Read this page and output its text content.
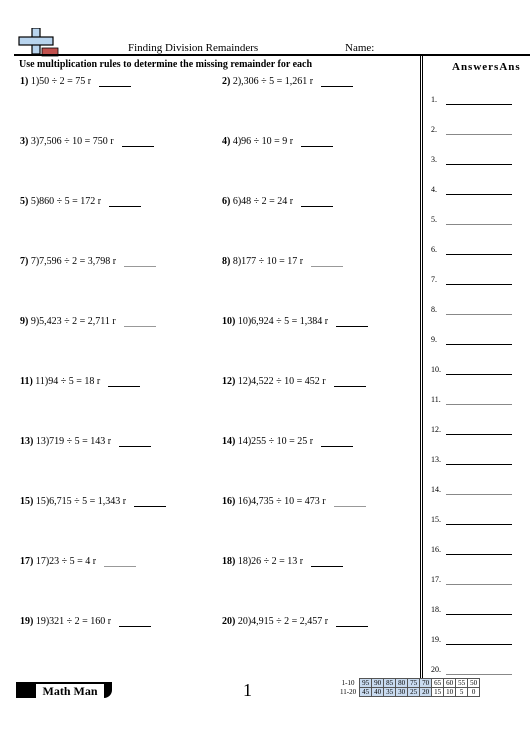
Finding Division Remainders	Name:
Use multiplication rules to determine the missing remainder for each
1) 1)50 ÷ 2 = 75 r	2) 2),306 ÷ 5 = 1,261 r
3) 3)7,506 ÷ 10 = 750 r	4) 4)96 ÷ 10 = 9 r
5) 5)860 ÷ 5 = 172 r	6) 6)48 ÷ 2 = 24 r
7) 7)7,596 ÷ 2 = 3,798 r	8) 8)177 ÷ 10 = 17 r
9) 9)5,423 ÷ 2 = 2,711 r	10) 10)6,924 ÷ 5 = 1,384 r
11) 11)94 ÷ 5 = 18 r	12) 12)4,522 ÷ 10 = 452 r
13) 13)719 ÷ 5 = 143 r	14) 14)255 ÷ 10 = 25 r
15) 15)6,715 ÷ 5 = 1,343 r	16) 16)4,735 ÷ 10 = 473 r
17) 17)23 ÷ 5 = 4 r	18) 18)26 ÷ 2 = 13 r
19) 19)321 ÷ 2 = 160 r	20) 20)4,915 ÷ 2 = 2,457 r
AnswersAns
1.
2.
3.
4.
5.
6.
7.
8.
9.
10.
11.
12.
13.
14.
15.
16.
17.
18.
19.
20.
Math Man	1	1-10	95	90	85	80	75	70	65	60	55	50
11-20	45	40	35	30	25	20	15	10	5	0
